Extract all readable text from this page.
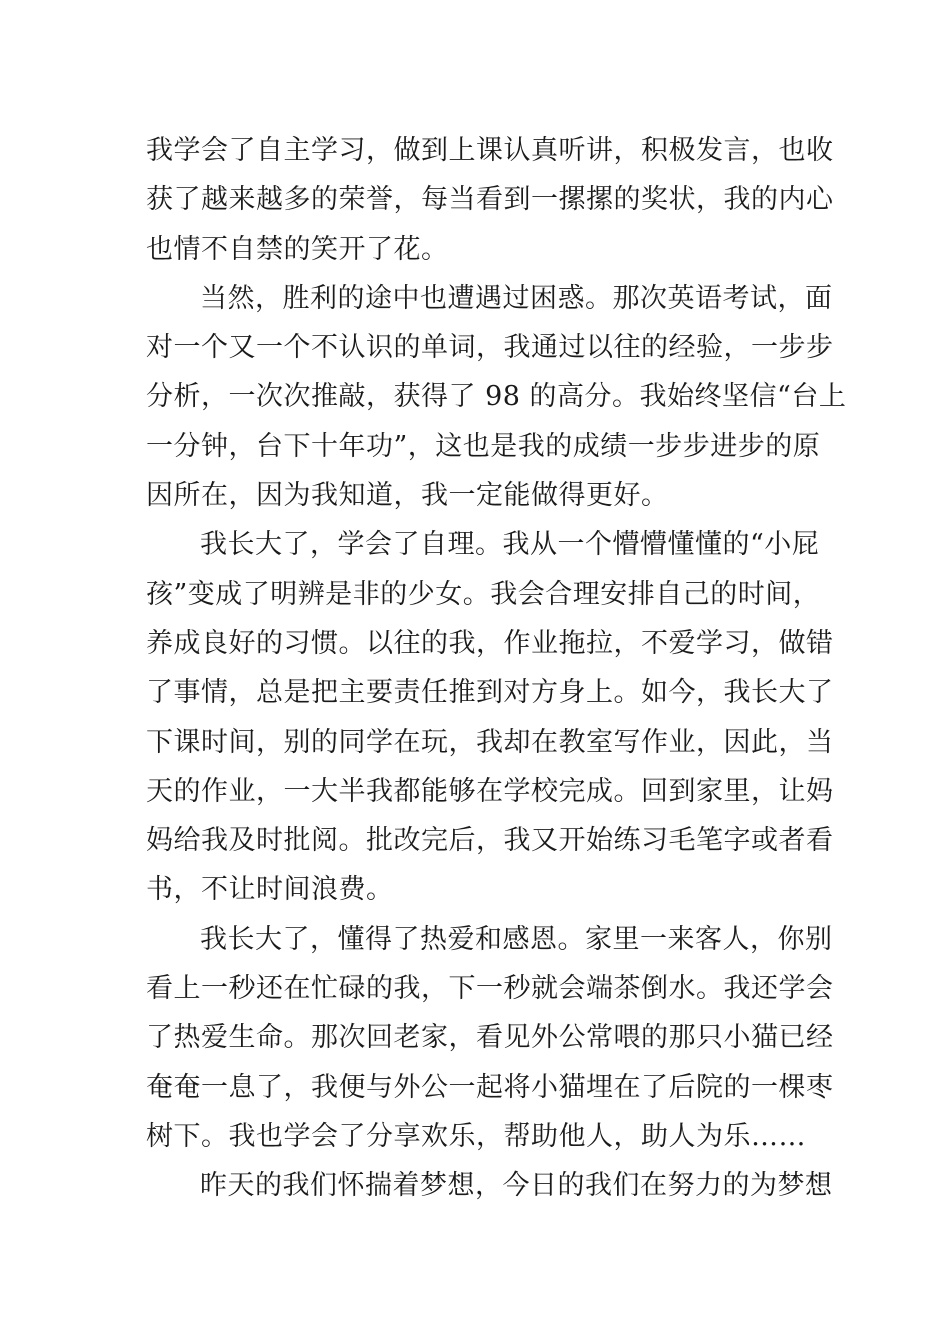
我学会了自主学习，做到上课认真听讲，积极发言，也收
获了越来越多的荣誉，每当看到一摞摞的奖状，我的内心
也情不自禁的笑开了花。
当然，胜利的途中也遭遇过困惑。那次英语考试，面
对一个又一个不认识的单词，我通过以往的经验，一步步
分析，一次次推敲，获得了 98 的高分。我始终坚信“台上
一分钟，台下十年功”，这也是我的成绩一步步进步的原
因所在，因为我知道，我一定能做得更好。
我长大了，学会了自理。我从一个懵懵懂懂的“小屁
孩”变成了明辨是非的少女。我会合理安排自己的时间，
养成良好的习惯。以往的我，作业拖拉，不爱学习，做错
了事情，总是把主要责任推到对方身上。如今，我长大了
下课时间，别的同学在玩，我却在教室写作业，因此，当
天的作业，一大半我都能够在学校完成。回到家里，让妈
妈给我及时批阅。批改完后，我又开始练习毛笔字或者看
书，不让时间浪费。
我长大了，懂得了热爱和感恩。家里一来客人，你别
看上一秒还在忙碌的我，下一秒就会端茶倒水。我还学会
了热爱生命。那次回老家，看见外公常喂的那只小猫已经
奄奄一息了，我便与外公一起将小猫埋在了后院的一棵枣
树下。我也学会了分享欢乐，帮助他人，助人为乐……
昨天的我们怀揣着梦想，今日的我们在努力的为梦想
